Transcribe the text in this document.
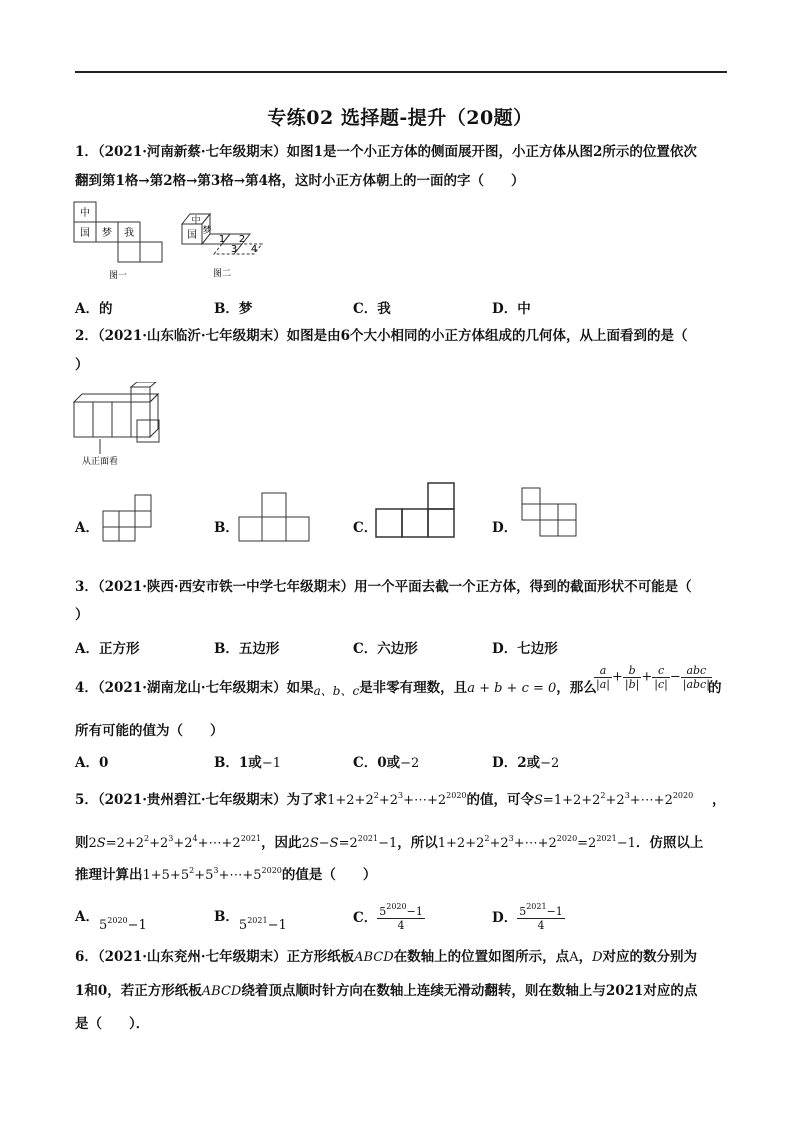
专练02 选择题-提升（20题）
1．（2021·河南新蔡·七年级期末）如图1是一个小正方体的侧面展开图，小正方体从图2所示的位置依次
翻到第1格→第2格→第3格→第4格，这时小正方体朝上的一面的字（　　）
中
国 梦 我
图一
国
中
梦
1 2
3 4
图二
A．的	B．梦	C．我	D．中
2．（2021·山东临沂·七年级期末）如图是由6个大小相同的小正方体组成的几何体，从上面看到的是（
）
从正面看
A．	B．	C．	D．
3．（2021·陕西·西安市铁一中学七年级期末）用一个平面去截一个正方体，得到的截面形状不可能是（
）
A．正方形	B．五边形	C．六边形	D．七边形
4．（2021·湖南龙山·七年级期末）如果a、b、c是非零有理数，且a + b + c = 0，那么
$\frac{a}{|a|} + \frac{b}{|b|} + \frac{c}{|c|} - \frac{\text{abc}}{\text{|abc|}}$
的
所有可能的值为（　　）
A．0	B．1或−1	C．0或−2	D．2或−2
5．（2021·贵州碧江·七年级期末）为了求$1+2+2^2+2^3+\cdots+2^{2020}$的值，可令$S=1+2+2^2+2^3+\cdots+2^{2020}$ ，
则$2S=2+2^2+2^3+2^4+\cdots+2^{2021}$，因此$2S-S=2^{2021}-1$，所以$1+2+2^2+2^3+\cdots+2^{2020}=2^{2021}-1$．仿照以上
推理计算出$1+5+5^2+5^3+\cdots+5^{2020}$的值是（　　）
A．$5^{2020}-1$
B．$5^{2021}-1$	C． $\frac{5^{2020}-1}{4}$	D． $\frac{5^{2021}-1}{4}$
6．（2021·山东兖州·七年级期末）正方形纸板ABCD在数轴上的位置如图所示，点A，D对应的数分别为
1和0，若正方形纸板ABCD绕着顶点顺时针方向在数轴上连续无滑动翻转，则在数轴上与2021对应的点
是（　　）．
